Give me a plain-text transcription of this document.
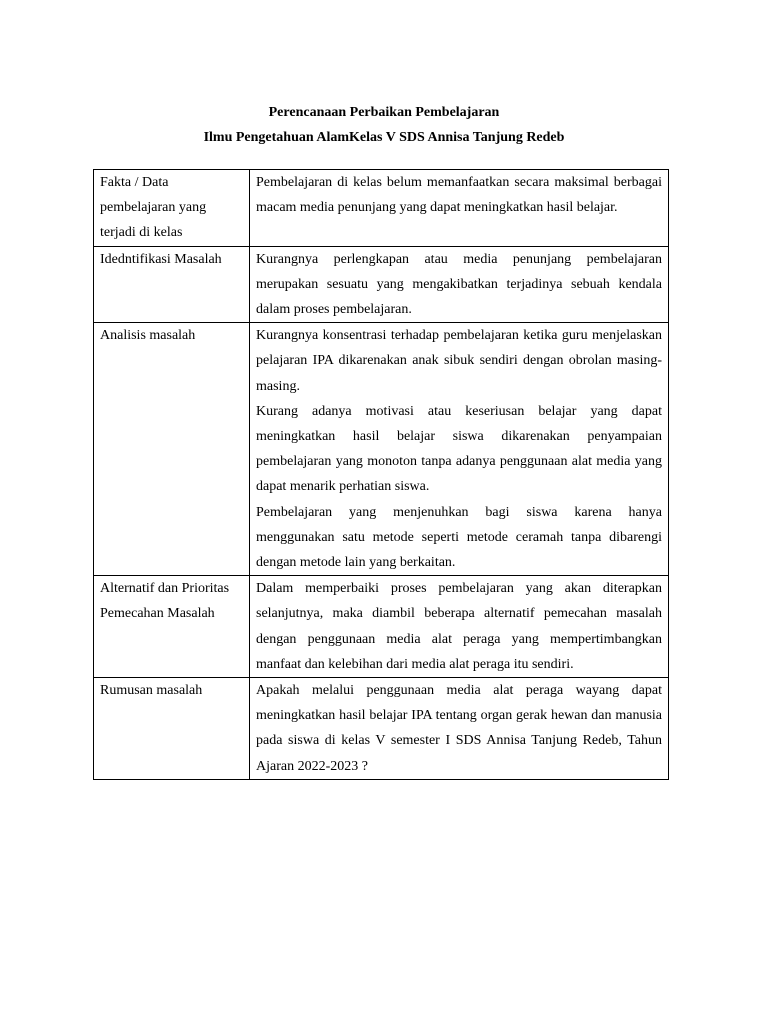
Perencanaan Perbaikan Pembelajaran
Ilmu Pengetahuan AlamKelas V SDS Annisa Tanjung Redeb
Fakta / Data pembelajaran yang terjadi di kelas	Pembelajaran di kelas belum memanfaatkan secara maksimal berbagai macam media penunjang yang dapat meningkatkan hasil belajar.

Idedntifikasi Masalah	Kurangnya perlengkapan atau media penunjang pembelajaran merupakan sesuatu yang mengakibatkan terjadinya sebuah kendala dalam proses pembelajaran.

Analisis masalah	Kurangnya konsentrasi terhadap pembelajaran ketika guru menjelaskan pelajaran IPA dikarenakan anak sibuk sendiri dengan obrolan masing-masing.

Kurang adanya motivasi atau keseriusan belajar yang dapat meningkatkan hasil belajar siswa dikarenakan penyampaian pembelajaran yang monoton tanpa adanya penggunaan alat media yang dapat menarik perhatian siswa.

Pembelajaran yang menjenuhkan bagi siswa karena hanya menggunakan satu metode seperti metode ceramah tanpa dibarengi dengan metode lain yang berkaitan.

Alternatif dan Prioritas Pemecahan Masalah	Dalam memperbaiki proses pembelajaran yang akan diterapkan selanjutnya, maka diambil beberapa alternatif pemecahan masalah dengan penggunaan media alat peraga yang mempertimbangkan manfaat dan kelebihan dari media alat peraga itu sendiri.

Rumusan masalah	Apakah melalui penggunaan media alat peraga wayang dapat meningkatkan hasil belajar IPA tentang organ gerak hewan dan manusia pada siswa di kelas V semester I SDS Annisa Tanjung Redeb, Tahun Ajaran 2022-2023 ?
